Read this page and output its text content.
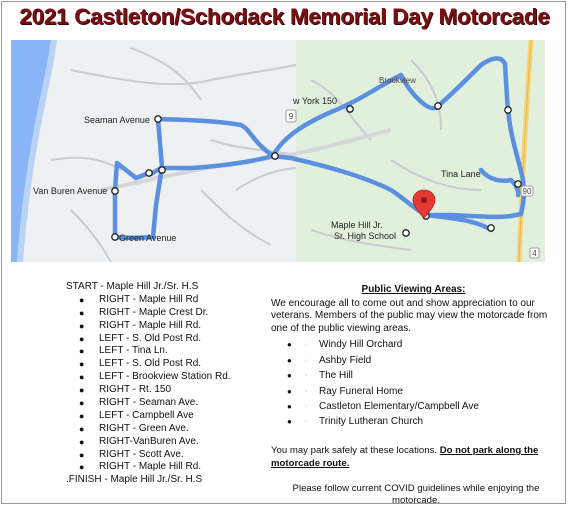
2021 Castleton/Schodack Memorial Day Motorcade
9
90
4
Seaman Avenue
Van Buren Avenue
Green Avenue
w York 150
Brookview
Tina Lane
Maple Hill Jr.
Sr. High School
START - Maple Hill Jr./Sr. H.S
● RIGHT - Maple Hill Rd
● RIGHT - Maple Crest Dr.
● RIGHT - Maple Hill Rd.
● LEFT - S. Old Post Rd.
● LEFT - Tina Ln.
● LEFT - S. Old Post Rd.
● LEFT - Brookview Station Rd.
● RIGHT - Rt. 150
● RIGHT - Seaman Ave.
● LEFT - Campbell Ave
● RIGHT - Green Ave.
● RIGHT-VanBuren Ave.
● RIGHT - Scott Ave.
● RIGHT - Maple Hill Rd.
.FINISH - Maple Hill Jr./Sr. H.S
Public Viewing Areas:

We encourage all to come out and show appreciation to our veterans. Members of the public may view the motorcade from one of the public viewing areas.

● · Windy Hill Orchard
● · Ashby Field
● · The Hill
● · Ray Funeral Home
● · Castleton Elementary/Campbell Ave
● · Trinity Lutheran Church
You may park safely at these locations. Do not park along the motorcade route.
Please follow current COVID guidelines while enjoying the motorcade.
